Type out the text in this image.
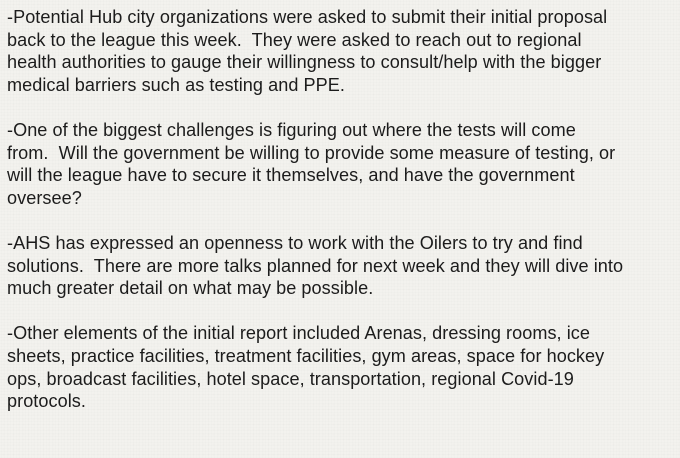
-Potential Hub city organizations were asked to submit their initial proposal
back to the league this week.  They were asked to reach out to regional
health authorities to gauge their willingness to consult/help with the bigger
medical barriers such as testing and PPE.
-One of the biggest challenges is figuring out where the tests will come
from.  Will the government be willing to provide some measure of testing, or
will the league have to secure it themselves, and have the government
oversee?
-AHS has expressed an openness to work with the Oilers to try and find
solutions.  There are more talks planned for next week and they will dive into
much greater detail on what may be possible.
-Other elements of the initial report included Arenas, dressing rooms, ice
sheets, practice facilities, treatment facilities, gym areas, space for hockey
ops, broadcast facilities, hotel space, transportation, regional Covid-19
protocols.
